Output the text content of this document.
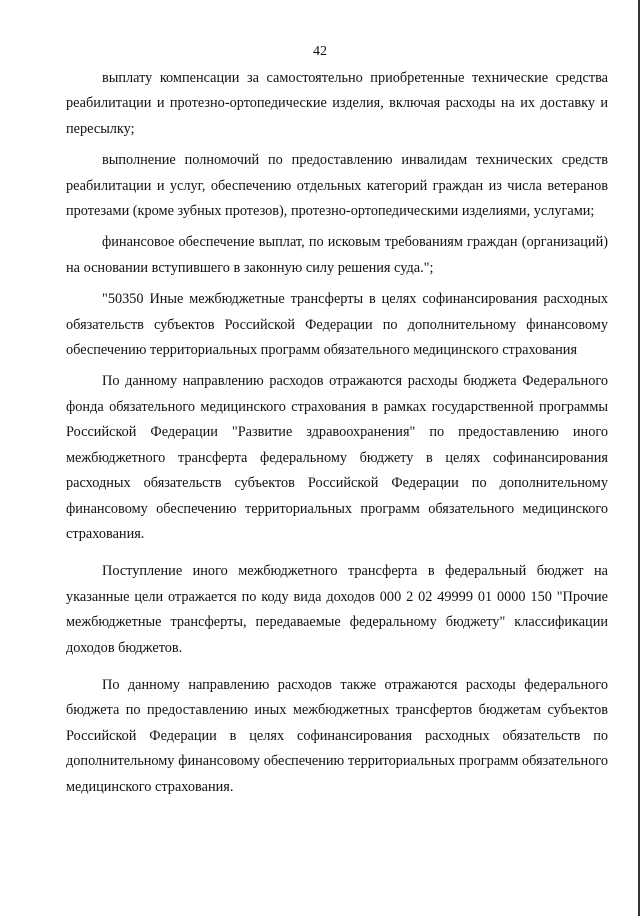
42

выплату компенсации за самостоятельно приобретенные технические средства реабилитации и протезно-ортопедические изделия, включая расходы на их доставку и пересылку;

выполнение полномочий по предоставлению инвалидам технических средств реабилитации и услуг, обеспечению отдельных категорий граждан из числа ветеранов протезами (кроме зубных протезов), протезно-ортопедическими изделиями, услугами;

финансовое обеспечение выплат, по исковым требованиям граждан (организаций) на основании вступившего в законную силу решения суда.";

"50350 Иные межбюджетные трансферты в целях софинансирования расходных обязательств субъектов Российской Федерации по дополнительному финансовому обеспечению территориальных программ обязательного медицинского страхования

По данному направлению расходов отражаются расходы бюджета Федерального фонда обязательного медицинского страхования в рамках государственной программы Российской Федерации "Развитие здравоохранения" по предоставлению иного межбюджетного трансферта федеральному бюджету в целях софинансирования расходных обязательств субъектов Российской Федерации по дополнительному финансовому обеспечению территориальных программ обязательного медицинского страхования.

Поступление иного межбюджетного трансферта в федеральный бюджет на указанные цели отражается по коду вида доходов 000 2 02 49999 01 0000 150 "Прочие межбюджетные трансферты, передаваемые федеральному бюджету" классификации доходов бюджетов.

По данному направлению расходов также отражаются расходы федерального бюджета по предоставлению иных межбюджетных трансфертов бюджетам субъектов Российской Федерации в целях софинансирования расходных обязательств по дополнительному финансовому обеспечению территориальных программ обязательного медицинского страхования.
